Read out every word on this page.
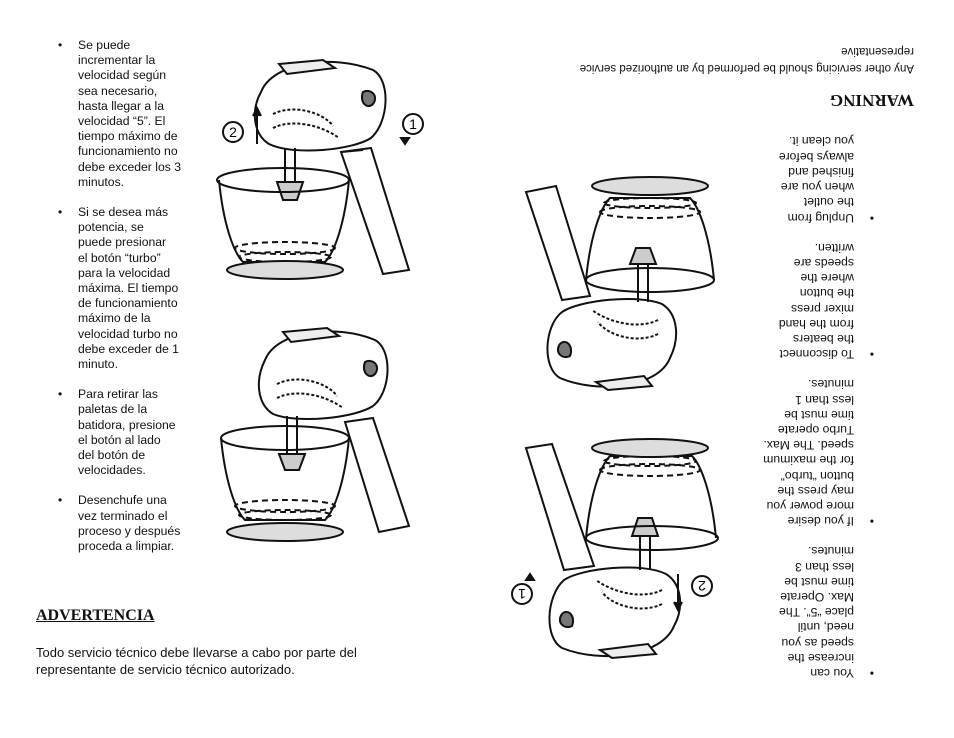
• Se puede
incrementar la
velocidad según
sea necesario,
hasta llegar a la
velocidad “5”. El
tiempo máximo de
funcionamiento no
debe exceder los 3
minutos.
• Si se desea más
potencia, se
puede presionar
el botón “turbo”
para la velocidad
máxima. El tiempo
de funcionamiento
máximo de la
velocidad turbo no
debe exceder de 1
minuto.
• Para retirar las
paletas de la
batidora, presione
el botón al lado
del botón de
velocidades.
• Desenchufe una
vez terminado el
proceso y después
proceda a limpiar.
2	1
ADVERTENCIA
Todo servicio técnico debe llevarse a cabo por parte del
representante de servicio técnico autorizado.
•	You can
increase the
speed as you
need, until
place “5”. The
Max. Operate
time must be
less than 3
minutes.
• If you desire
more power you
may press the
button “turbo”
for the maximum
speed. The Max.
Turbo operate
time must be
less than 1
minutes.
• To disconnect
the beaters
from the hand
mixer press
the button
where the
speeds are
written.
• Unplug from
the outlet
when you are
finished and
always before
you clean it.
2
1
WARNING
Any other servicing should be performed by an authorized service
representative
